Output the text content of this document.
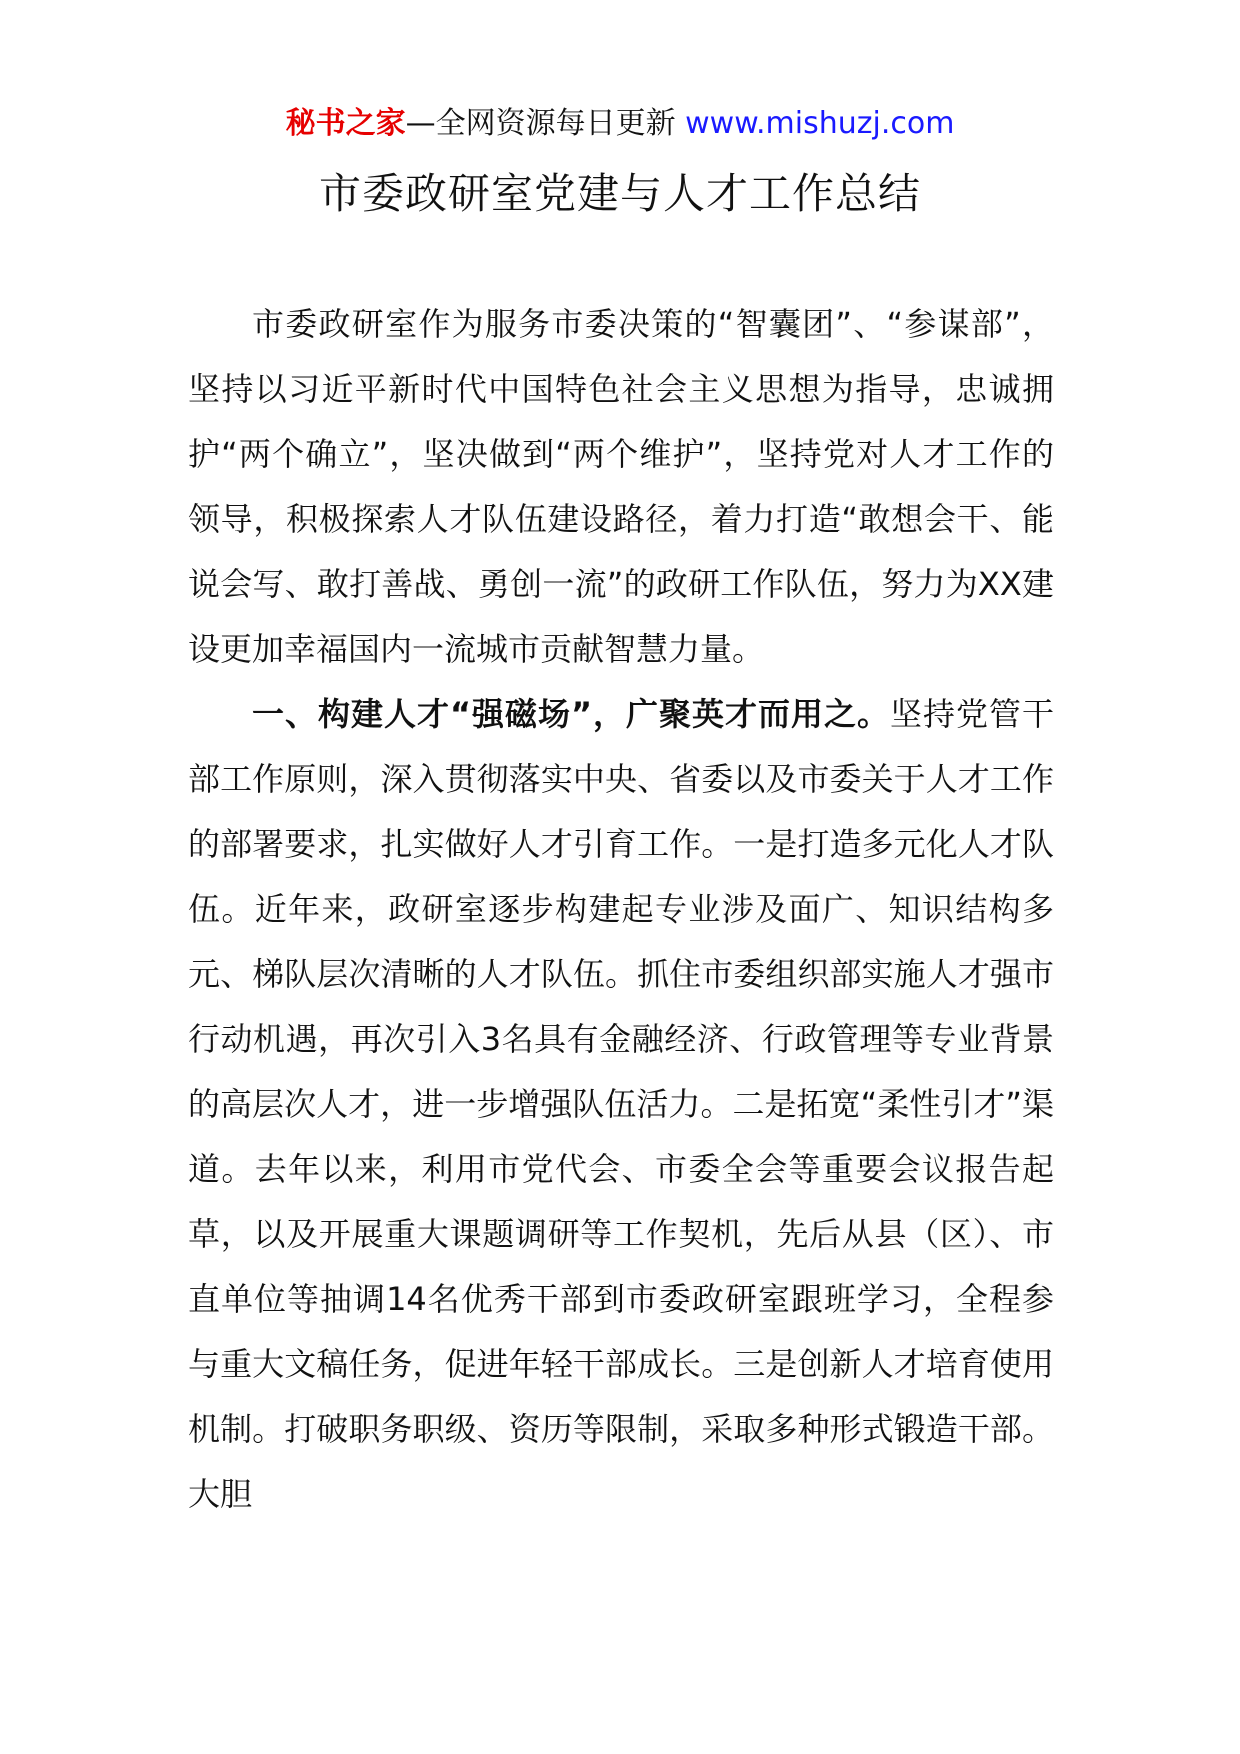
秘书之家—全网资源每日更新 www.mishuzj.com
市委政研室党建与人才工作总结

市委政研室作为服务市委决策的“智囊团”、“参谋部”，坚持以习近平新时代中国特色社会主义思想为指导，忠诚拥护“两个确立”，坚决做到“两个维护”，坚持党对人才工作的领导，积极探索人才队伍建设路径，着力打造“敢想会干、能说会写、敢打善战、勇创一流”的政研工作队伍，努力为XX建设更加幸福国内一流城市贡献智慧力量。

一、构建人才“强磁场”，广聚英才而用之。坚持党管干部工作原则，深入贯彻落实中央、省委以及市委关于人才工作的部署要求，扎实做好人才引育工作。一是打造多元化人才队伍。近年来，政研室逐步构建起专业涉及面广、知识结构多元、梯队层次清晰的人才队伍。抓住市委组织部实施人才强市行动机遇，再次引入3名具有金融经济、行政管理等专业背景的高层次人才，进一步增强队伍活力。二是拓宽“柔性引才”渠道。去年以来，利用市党代会、市委全会等重要会议报告起草，以及开展重大课题调研等工作契机，先后从县（区）、市直单位等抽调14名优秀干部到市委政研室跟班学习，全程参与重大文稿任务，促进年轻干部成长。三是创新人才培育使用机制。打破职务职级、资历等限制，采取多种形式锻造干部。大胆
